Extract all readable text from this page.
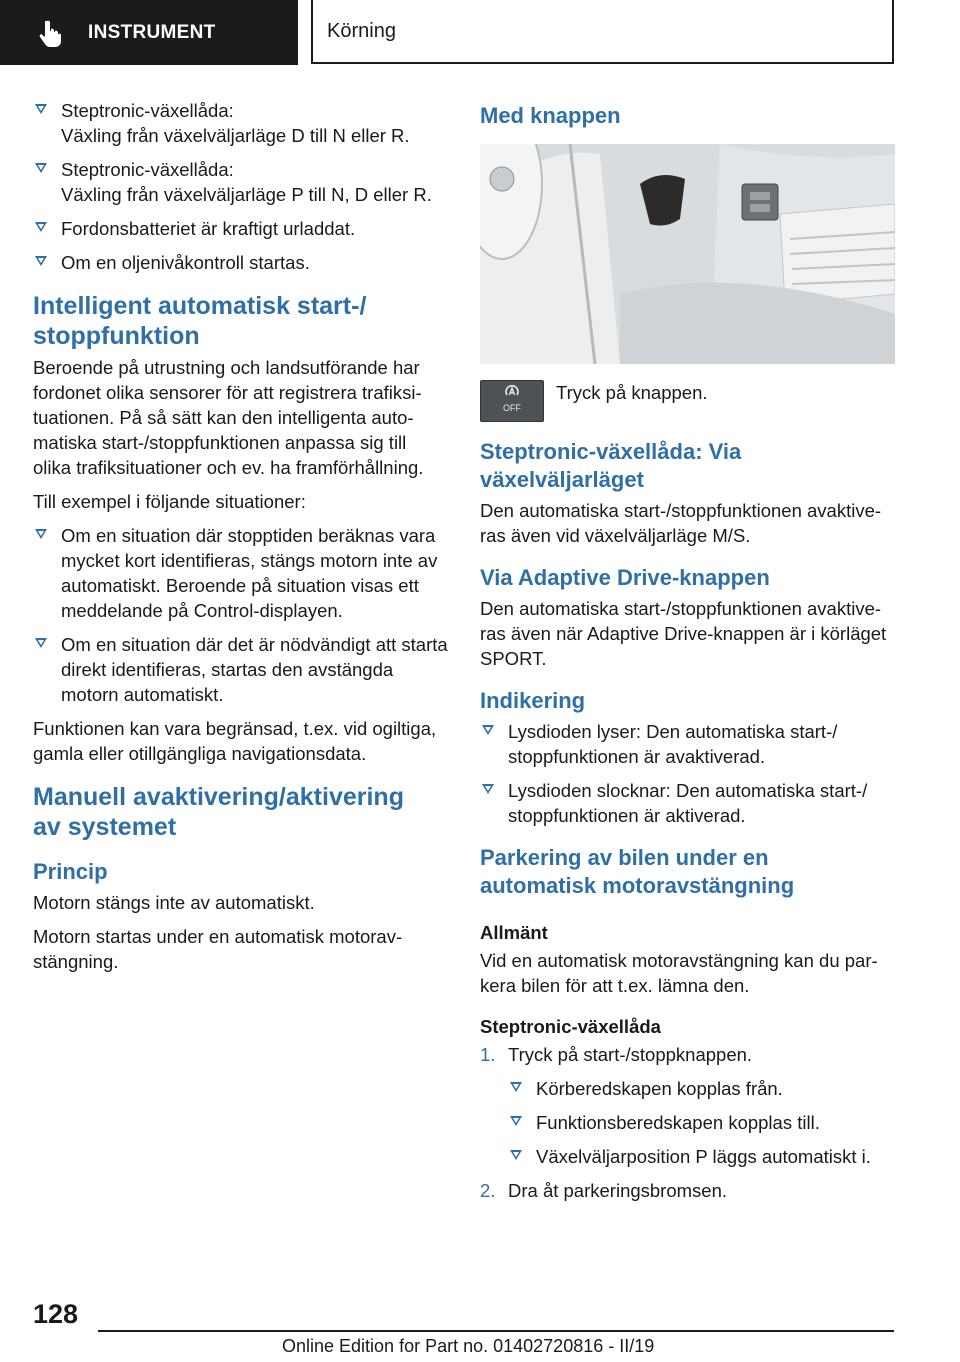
INSTRUMENT	Körning
Steptronic-växellåda:
Växling från växelväljarläge D till N eller R.
Steptronic-växellåda:
Växling från växelväljarläge P till N, D eller R.
Fordonsbatteriet är kraftigt urladdat.
Om en oljenivåkontroll startas.
Intelligent automatisk start-/
stoppfunktion

Beroende på utrustning och landsutförande har fordonet olika sensorer för att registrera trafiksituationen. På så sätt kan den intelligenta automatiska start-/stoppfunktionen anpassa sig till olika trafiksituationer och ev. ha framförhållning.

Till exempel i följande situationer:

Om en situation där stopptiden beräknas vara mycket kort identifieras, stängs motorn inte av automatiskt. Beroende på situation visas ett meddelande på Control-displayen.
Om en situation där det är nödvändigt att starta direkt identifieras, startas den avstängda motorn automatiskt.

Funktionen kan vara begränsad, t.ex. vid ogiltiga, gamla eller otillgängliga navigationsdata.

Manuell avaktivering/aktivering
av systemet
Princip

Motorn stängs inte av automatiskt.

Motorn startas under en automatisk motoravstängning.

Med knappen
OFF

Tryck på knappen.

Steptronic-växellåda: Via
växelväljarläget

Den automatiska start-/stoppfunktionen avaktiveras även vid växelväljarläge M/S.

Via Adaptive Drive-knappen

Den automatiska start-/stoppfunktionen avaktiveras även när Adaptive Drive-knappen är i körläget SPORT.

Indikering
Lysdioden lyser: Den automatiska start-/ stoppfunktionen är avaktiverad.
Lysdioden slocknar: Den automatiska start-/ stoppfunktionen är aktiverad.
Parkering av bilen under en
automatisk motoravstängning
Allmänt

Vid en automatisk motoravstängning kan du parkera bilen för att t.ex. lämna den.

Steptronic-växellåda
1. Tryck på start-/stoppknappen.
Körberedskapen kopplas från.
Funktionsberedskapen kopplas till.
Växelväljarposition P läggs automatiskt i.
2. Dra åt parkeringsbromsen.
128
Online Edition for Part no. 01402720816 - II/19
